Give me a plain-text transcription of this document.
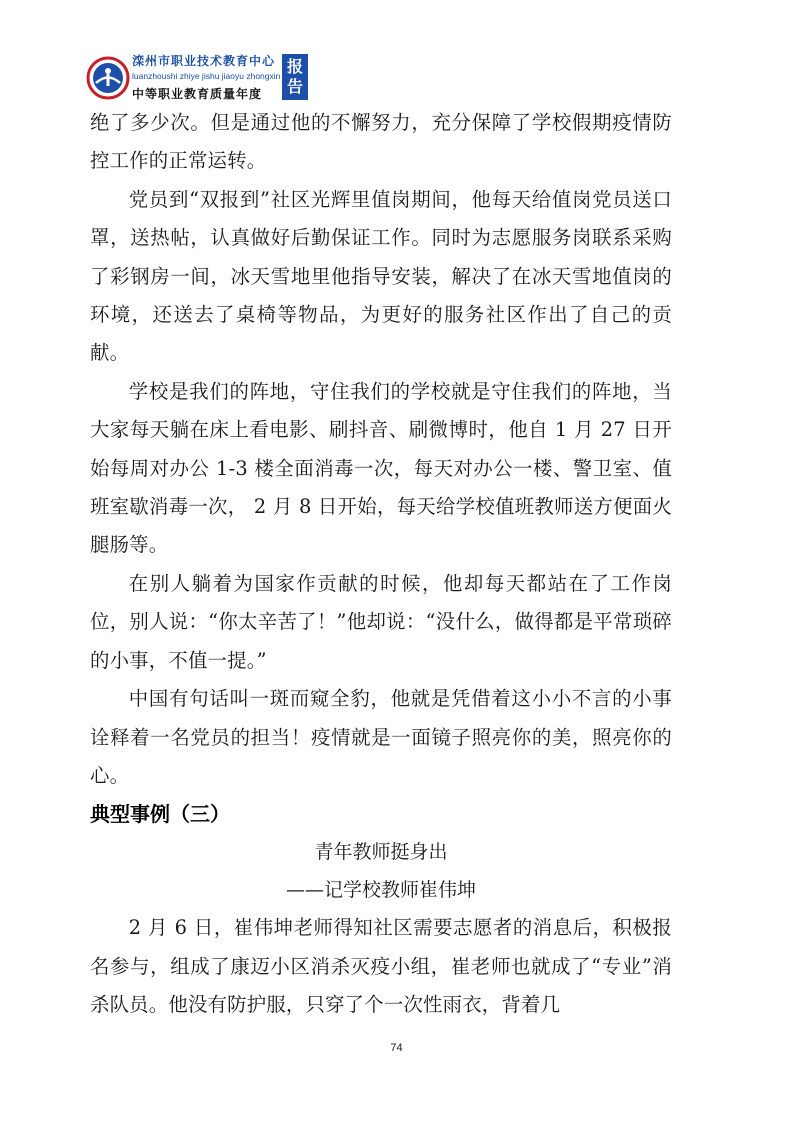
滦州市职业技术教育中心
luanzhoushi zhiye jishu jiaoyu zhongxin
中等职业教育质量年度
报
告

绝了多少次。但是通过他的不懈努力，充分保障了学校假期疫情防控工作的正常运转。

党员到“双报到”社区光辉里值岗期间，他每天给值岗党员送口罩，送热帖，认真做好后勤保证工作。同时为志愿服务岗联系采购了彩钢房一间，冰天雪地里他指导安装，解决了在冰天雪地值岗的环境，还送去了桌椅等物品，为更好的服务社区作出了自己的贡献。

学校是我们的阵地，守住我们的学校就是守住我们的阵地，当大家每天躺在床上看电影、刷抖音、刷微博时，他自 1 月 27 日开始每周对办公 1-3 楼全面消毒一次，每天对办公一楼、警卫室、值班室歇消毒一次， 2 月 8 日开始，每天给学校值班教师送方便面火腿肠等。

在别人躺着为国家作贡献的时候，他却每天都站在了工作岗位，别人说：“你太辛苦了！”他却说：“没什么，做得都是平常琐碎的小事，不值一提。”

中国有句话叫一斑而窥全豹，他就是凭借着这小小不言的小事诠释着一名党员的担当！疫情就是一面镜子照亮你的美，照亮你的心。

典型事例（三）

青年教师挺身出

——记学校教师崔伟坤

2 月 6 日，崔伟坤老师得知社区需要志愿者的消息后，积极报名参与，组成了康迈小区消杀灭疫小组，崔老师也就成了“专业”消杀队员。他没有防护服，只穿了个一次性雨衣，背着几

74
